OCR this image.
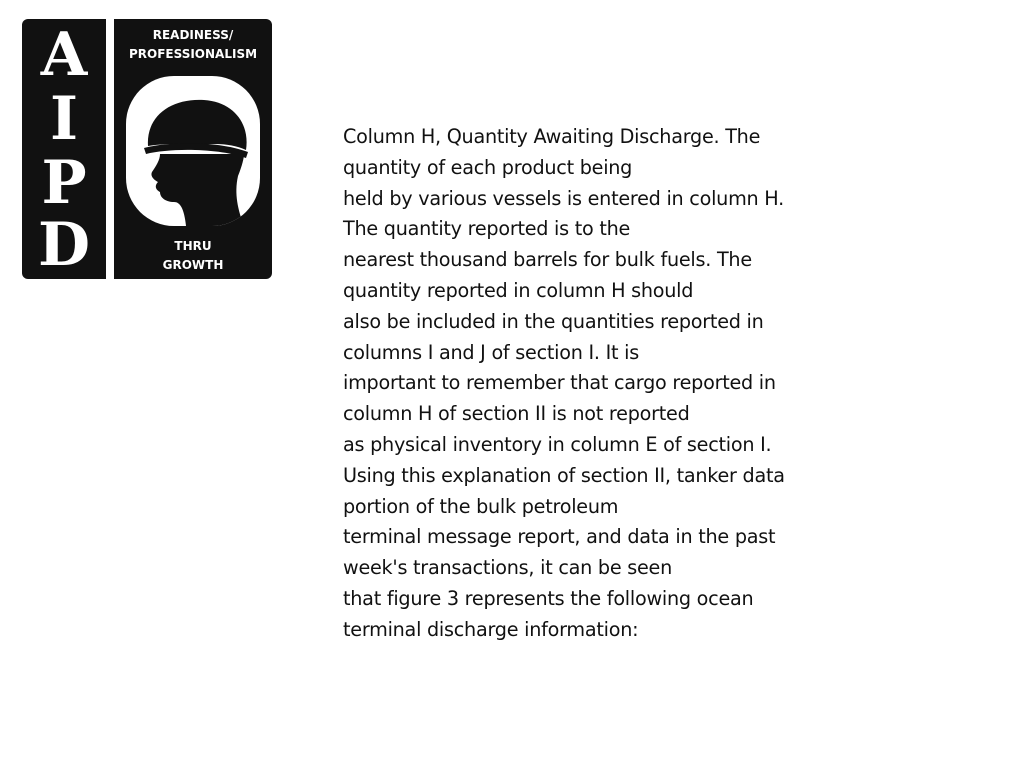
A
I
P
D
READINESS/
PROFESSIONALISM
THRU
GROWTH
Column H, Quantity Awaiting Discharge. The
quantity of each product being
held by various vessels is entered in column H.
The quantity reported is to the
nearest thousand barrels for bulk fuels. The
quantity reported in column H should
also be included in the quantities reported in
columns I and J of section I. It is
important to remember that cargo reported in
column H of section II is not reported
as physical inventory in column E of section I.
Using this explanation of section II, tanker data
portion of the bulk petroleum
terminal message report, and data in the past
week's transactions, it can be seen
that figure 3 represents the following ocean
terminal discharge information:
